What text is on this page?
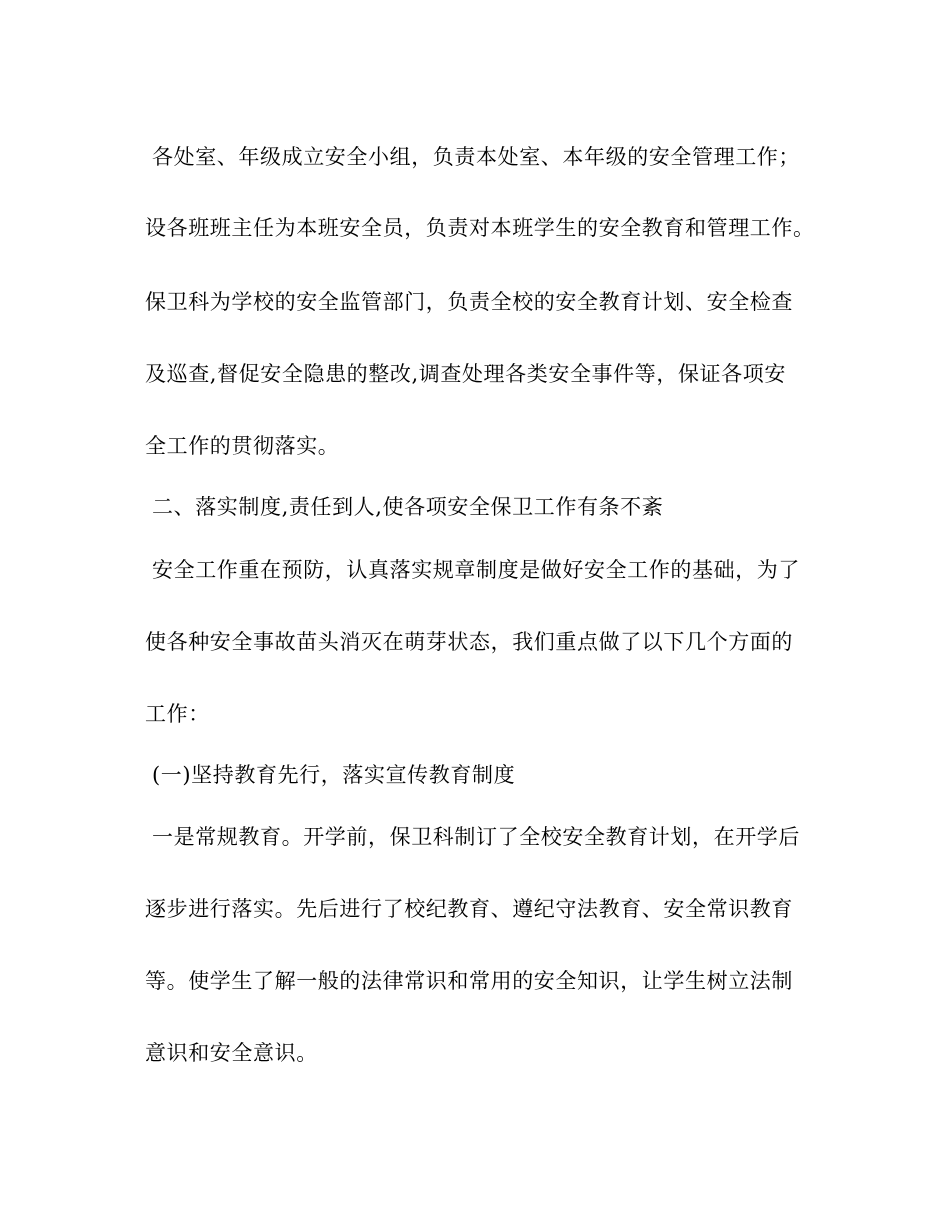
各处室、年级成立安全小组，负责本处室、本年级的安全管理工作；
设各班班主任为本班安全员，负责对本班学生的安全教育和管理工作。
保卫科为学校的安全监管部门，负责全校的安全教育计划、安全检查
及巡查,督促安全隐患的整改,调查处理各类安全事件等，保证各项安
全工作的贯彻落实。
二、落实制度,责任到人,使各项安全保卫工作有条不紊
安全工作重在预防，认真落实规章制度是做好安全工作的基础，为了
使各种安全事故苗头消灭在萌芽状态，我们重点做了以下几个方面的
工作：
(一)坚持教育先行，落实宣传教育制度
一是常规教育。开学前，保卫科制订了全校安全教育计划，在开学后
逐步进行落实。先后进行了校纪教育、遵纪守法教育、安全常识教育
等。使学生了解一般的法律常识和常用的安全知识，让学生树立法制
意识和安全意识。
